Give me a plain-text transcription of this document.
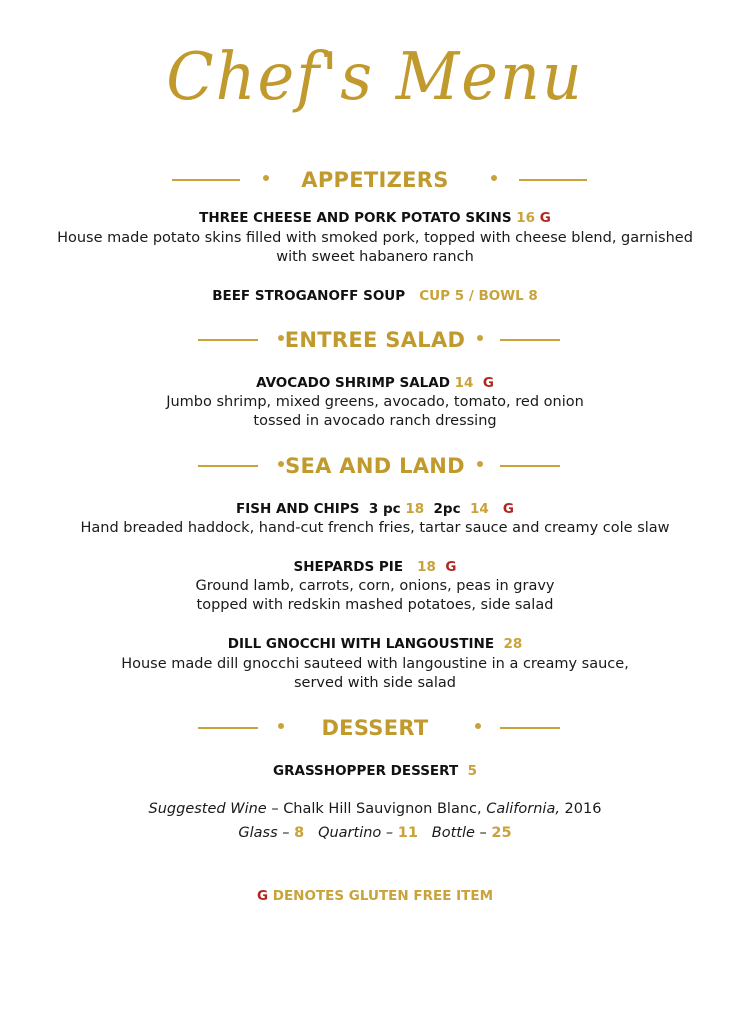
Chef's Menu
APPETIZERS
THREE CHEESE AND PORK POTATO SKINS 16 G
House made potato skins filled with smoked pork, topped with cheese blend, garnished
with sweet habanero ranch
BEEF STROGANOFF SOUP CUP 5 / BOWL 8
ENTREE SALAD
AVOCADO SHRIMP SALAD 14 G
Jumbo shrimp, mixed greens, avocado, tomato, red onion
tossed in avocado ranch dressing
SEA AND LAND
FISH AND CHIPS 3 pc 18 2pc 14 G
Hand breaded haddock, hand-cut french fries, tartar sauce and creamy cole slaw
SHEPARDS PIE 18 G
Ground lamb, carrots, corn, onions, peas in gravy
topped with redskin mashed potatoes, side salad
DILL GNOCCHI WITH LANGOUSTINE 28
House made dill gnocchi sauteed with langoustine in a creamy sauce,
served with side salad
DESSERT
GRASSHOPPER DESSERT 5
Suggested Wine – Chalk Hill Sauvignon Blanc, California, 2016
Glass – 8 Quartino – 11 Bottle – 25
G DENOTES GLUTEN FREE ITEM
